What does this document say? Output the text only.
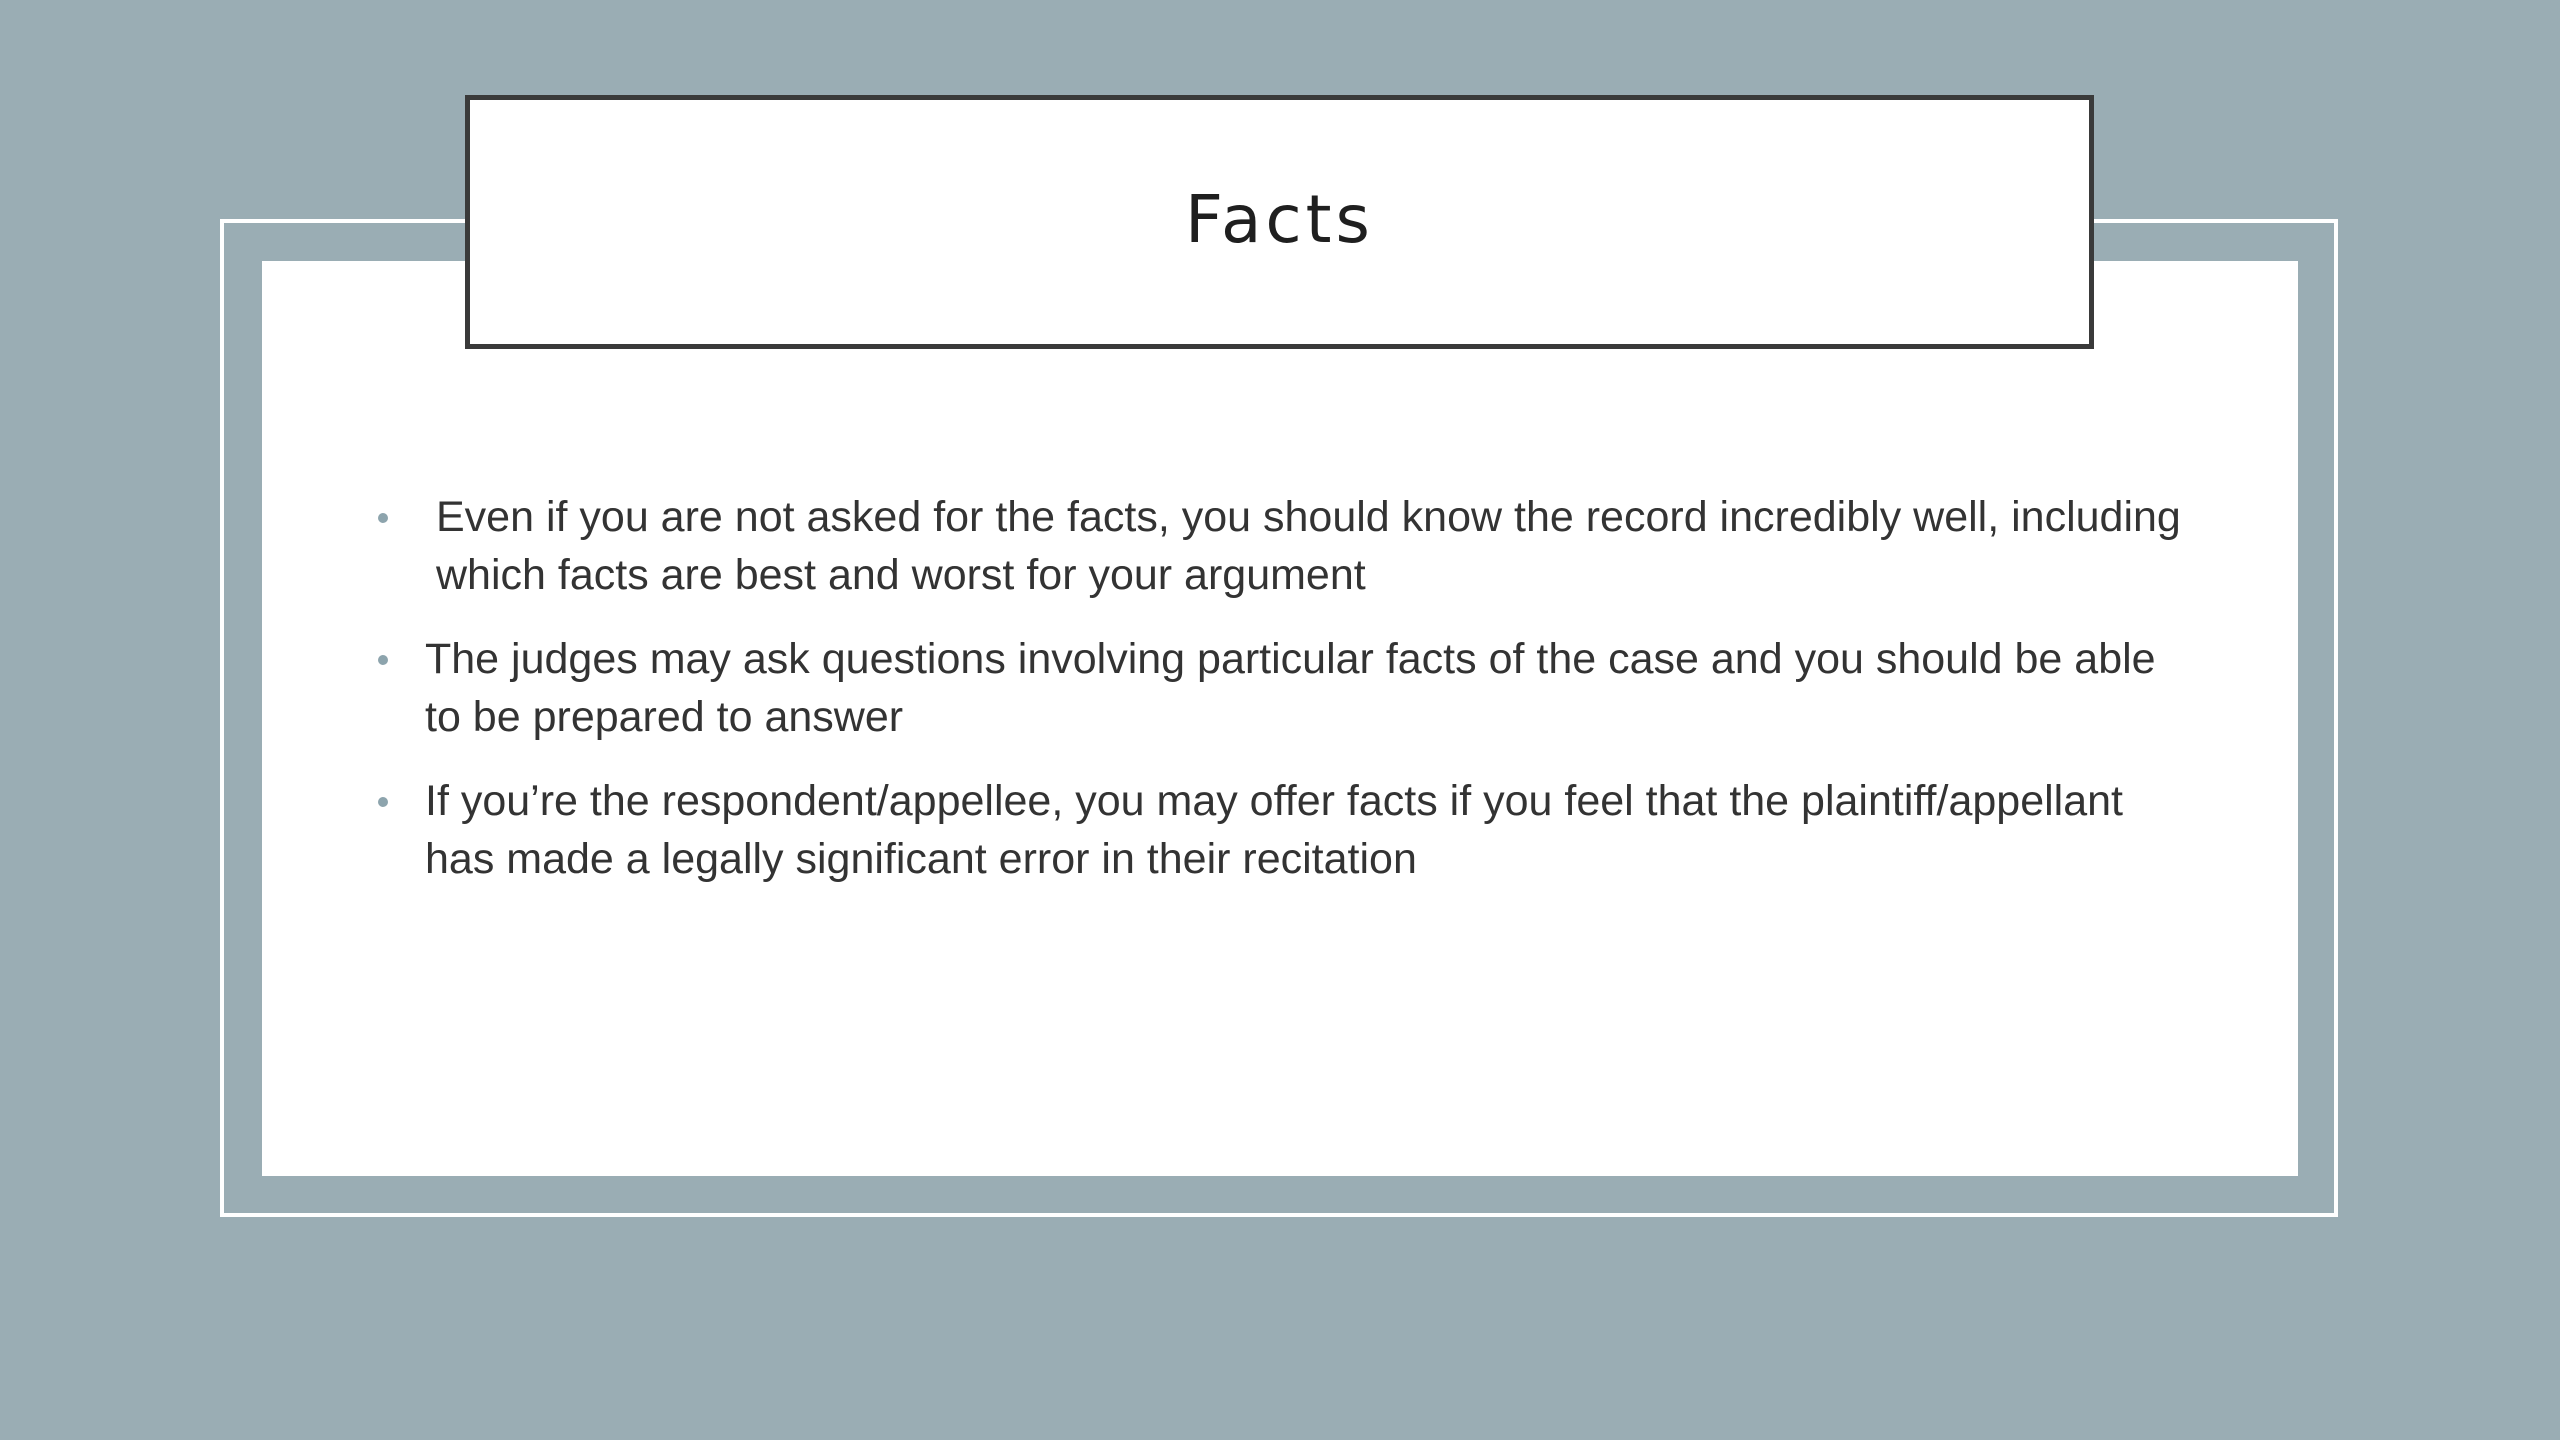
Facts
Even if you are not asked for the facts, you should know the record incredibly well, including which facts are best and worst for your argument
The judges may ask questions involving particular facts of the case and you should be able to be prepared to answer
If you’re the respondent/appellee, you may offer facts if you feel that the plaintiff/appellant has made a legally significant error in their recitation
